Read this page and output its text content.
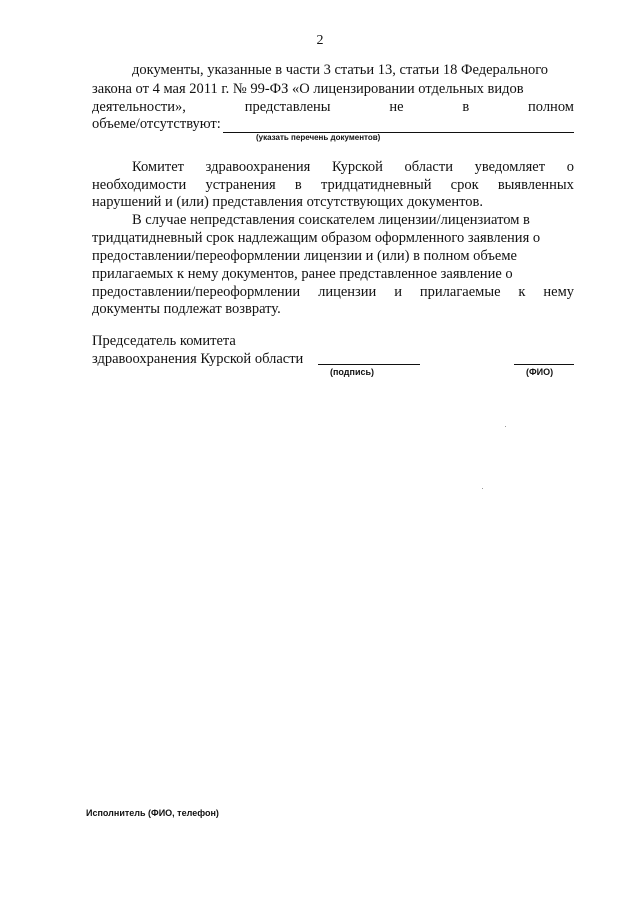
2
документы, указанные в части 3 статьи 13, статьи 18 Федерального
закона от 4 мая 2011 г. № 99-ФЗ «О лицензировании отдельных видов
деятельности»,	представлены	не	в	полном
объеме/отсутствуют:
(указать перечень документов)
Комитет здравоохранения Курской области уведомляет о
необходимости устранения в тридцатидневный срок выявленных
нарушений и (или) представления отсутствующих документов.
В случае непредставления соискателем лицензии/лицензиатом в
тридцатидневный срок надлежащим образом оформленного заявления о
предоставлении/переоформлении лицензии и (или) в полном объеме
прилагаемых к нему документов, ранее представленное заявление о
предоставлении/переоформлении лицензии и прилагаемые к нему
документы подлежат возврату.
Председатель комитета
здравоохранения Курской области
(подпись)	(ФИО)
Исполнитель (ФИО, телефон)
